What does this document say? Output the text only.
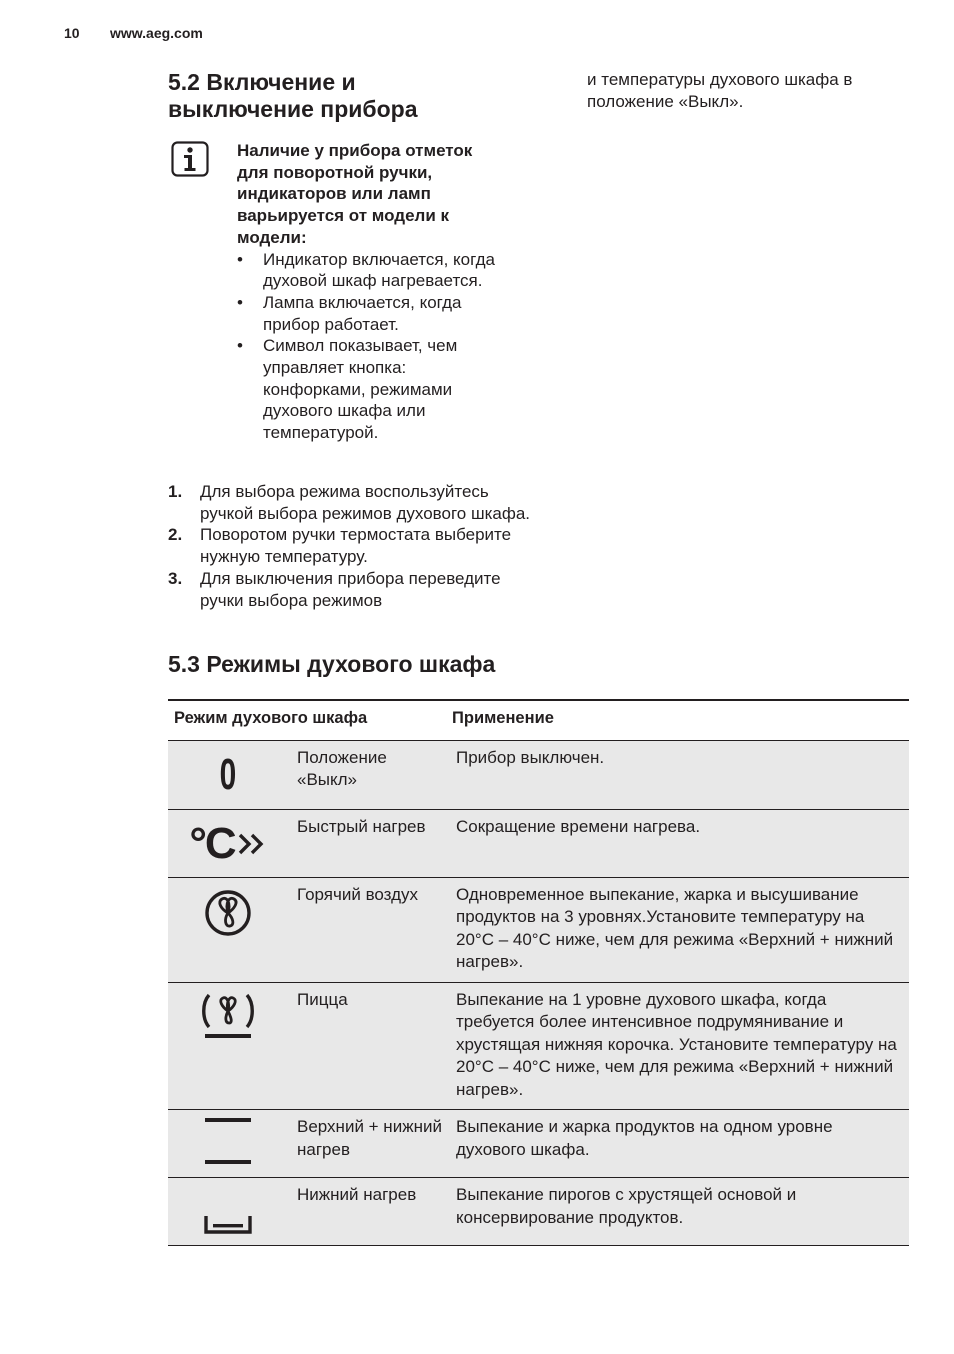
10 www.aeg.com
5.2 Включение и выключение прибора
Наличие у прибора отметок для поворотной ручки, индикаторов или ламп варьируется от модели к модели:
• Индикатор включается, когда духовой шкаф нагревается.
• Лампа включается, когда прибор работает.
• Символ показывает, чем управляет кнопка: конфорками, режимами духового шкафа или температурой.
1. Для выбора режима воспользуйтесь ручкой выбора режимов духового шкафа.
2. Поворотом ручки термостата выберите нужную температуру.
3. Для выключения прибора переведите ручки выбора режимов
и температуры духового шкафа в положение «Выкл».
5.3 Режимы духового шкафа
Режим духового шкафа		Применение

0	Положение «Выкл»	Прибор выключен.

°C	Быстрый нагрев	Сокращение времени нагрева.

	Горячий воздух	Одновременное выпекание, жарка и высушивание продуктов на 3 уровнях.Установите температуру на 20°C – 40°C ниже, чем для режима «Верхний + нижний нагрев».

	Пицца	Выпекание на 1 уровне духового шкафа, когда требуется более интенсивное подрумянивание и хрустящая нижняя корочка. Установите температуру на 20°C – 40°C ниже, чем для режима «Верхний + нижний нагрев».

	Верхний + нижний нагрев	Выпекание и жарка продуктов на одном уровне духового шкафа.

	Нижний нагрев	Выпекание пирогов с хрустящей основой и консервирование продуктов.
